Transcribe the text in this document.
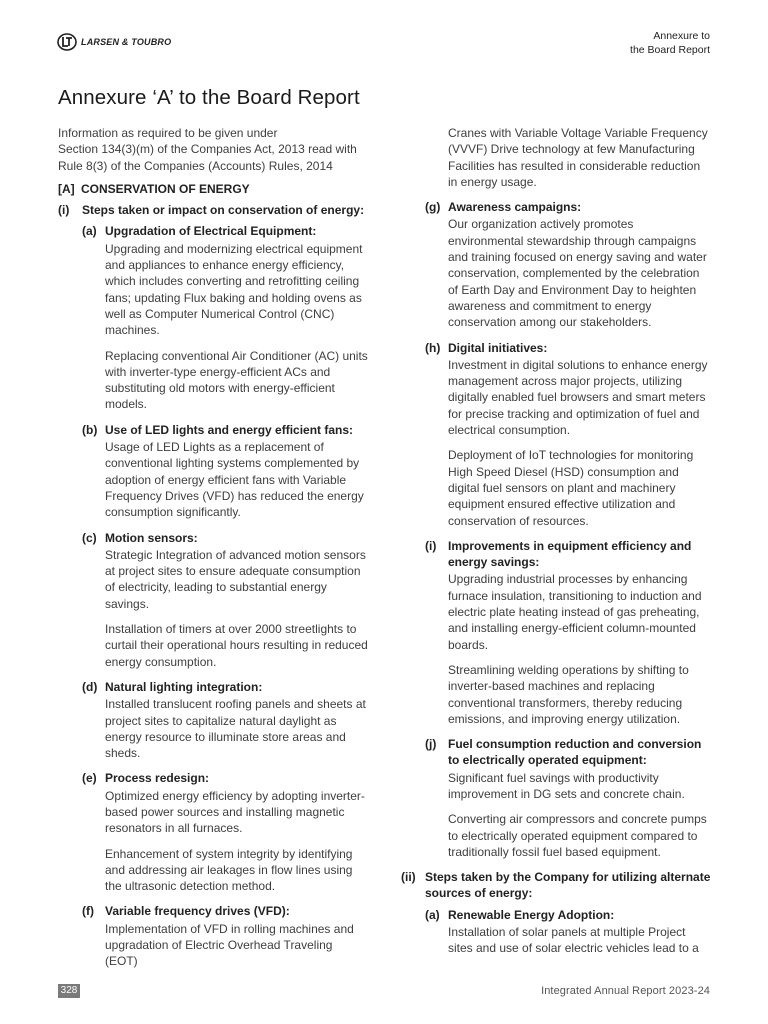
LARSEN & TOUBRO	Annexure to
the Board Report
Annexure ‘A’ to the Board Report
Information as required to be given under
Section 134(3)(m) of the Companies Act, 2013 read with
Rule 8(3) of the Companies (Accounts) Rules, 2014
[A] CONSERVATION OF ENERGY
(i)	Steps taken or impact on conservation of energy:
(a) Upgradation of Electrical Equipment:

Upgrading and modernizing electrical equipment and appliances to enhance energy efficiency, which includes converting and retrofitting ceiling fans; updating Flux baking and holding ovens as well as Computer Numerical Control (CNC) machines.

Replacing conventional Air Conditioner (AC) units with inverter-type energy-efficient ACs and substituting old motors with energy-efficient models.

(b) Use of LED lights and energy efficient fans:

Usage of LED Lights as a replacement of conventional lighting systems complemented by adoption of energy efficient fans with Variable Frequency Drives (VFD) has reduced the energy consumption significantly.

(c) Motion sensors:

Strategic Integration of advanced motion sensors at project sites to ensure adequate consumption of electricity, leading to substantial energy savings.

Installation of timers at over 2000 streetlights to curtail their operational hours resulting in reduced energy consumption.

(d) Natural lighting integration:

Installed translucent roofing panels and sheets at project sites to capitalize natural daylight as energy resource to illuminate store areas and sheds.

(e) Process redesign:

Optimized energy efficiency by adopting inverter-based power sources and installing magnetic resonators in all furnaces.

Enhancement of system integrity by identifying and addressing air leakages in flow lines using the ultrasonic detection method.

(f) Variable frequency drives (VFD):

Implementation of VFD in rolling machines and upgradation of Electric Overhead Traveling (EOT)

Cranes with Variable Voltage Variable Frequency (VVVF) Drive technology at few Manufacturing Facilities has resulted in considerable reduction in energy usage.
(g) Awareness campaigns:

Our organization actively promotes environmental stewardship through campaigns and training focused on energy saving and water conservation, complemented by the celebration of Earth Day and Environment Day to heighten awareness and commitment to energy conservation among our stakeholders.

(h) Digital initiatives:

Investment in digital solutions to enhance energy management across major projects, utilizing digitally enabled fuel browsers and smart meters for precise tracking and optimization of fuel and electrical consumption.

Deployment of IoT technologies for monitoring High Speed Diesel (HSD) consumption and digital fuel sensors on plant and machinery equipment ensured effective utilization and conservation of resources.

(i) Improvements in equipment efficiency and energy savings:

Upgrading industrial processes by enhancing furnace insulation, transitioning to induction and electric plate heating instead of gas preheating, and installing energy-efficient column-mounted boards.

Streamlining welding operations by shifting to inverter-based machines and replacing conventional transformers, thereby reducing emissions, and improving energy utilization.

(j) Fuel consumption reduction and conversion to electrically operated equipment:

Significant fuel savings with productivity improvement in DG sets and concrete chain.

Converting air compressors and concrete pumps to electrically operated equipment compared to traditionally fossil fuel based equipment.

(ii) Steps taken by the Company for utilizing alternate sources of energy:
(a) Renewable Energy Adoption:

Installation of solar panels at multiple Project sites and use of solar electric vehicles lead to a

328	Integrated Annual Report 2023-24
